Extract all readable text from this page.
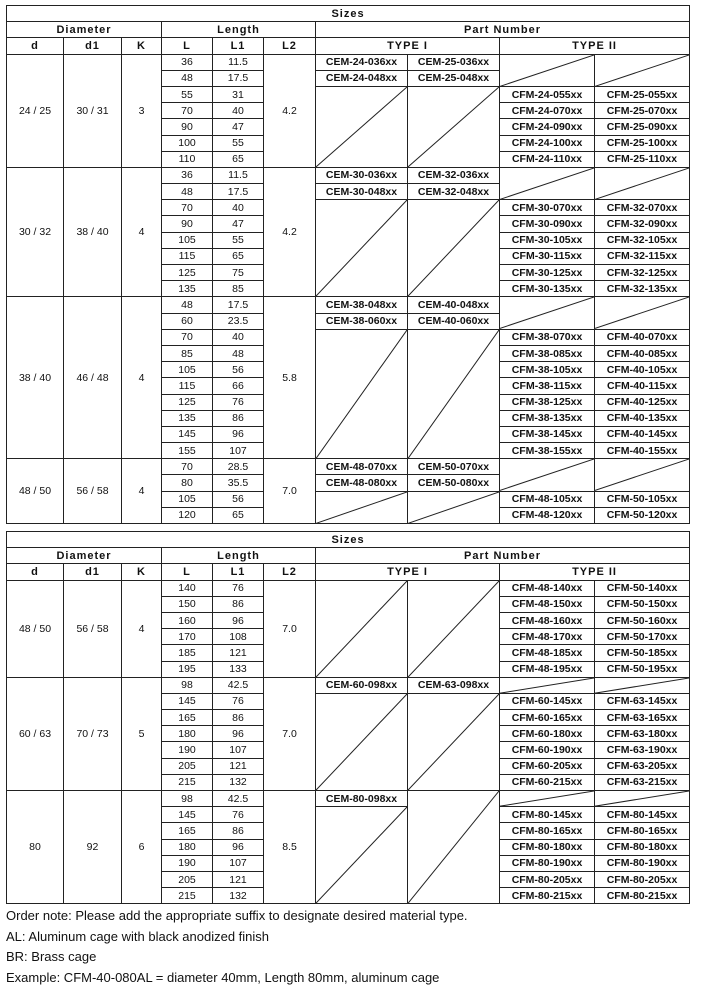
Sizes									
Diameter			Length			Part Number			
d	d1	K	L	L1	L2	TYPE I		TYPE II	
24 / 25	30 / 31	3	36	11.5	4.2	CEM-24-036xx	CEM-25-036xx	

			48	17.5		CEM-24-048xx	CEM-25-048xx		
			55	31				CFM-24-055xx	CFM-25-055xx
			70	40				CFM-24-070xx	CFM-25-070xx
			90	47				CFM-24-090xx	CFM-25-090xx
			100	55				CFM-24-100xx	CFM-25-100xx
			110	65				CFM-24-110xx	CFM-25-110xx
30 / 32	38 / 40	4	36	11.5	4.2	CEM-30-036xx	CEM-32-036xx	

			48	17.5		CEM-30-048xx	CEM-32-048xx		
			70	40				CFM-30-070xx	CFM-32-070xx
			90	47				CFM-30-090xx	CFM-32-090xx
			105	55				CFM-30-105xx	CFM-32-105xx
			115	65				CFM-30-115xx	CFM-32-115xx
			125	75				CFM-30-125xx	CFM-32-125xx
			135	85				CFM-30-135xx	CFM-32-135xx
38 / 40	46 / 48	4	48	17.5	5.8	CEM-38-048xx	CEM-40-048xx	

			60	23.5		CEM-38-060xx	CEM-40-060xx		
			70	40				CFM-38-070xx	CFM-40-070xx
			85	48				CFM-38-085xx	CFM-40-085xx
			105	56				CFM-38-105xx	CFM-40-105xx
			115	66				CFM-38-115xx	CFM-40-115xx
			125	76				CFM-38-125xx	CFM-40-125xx
			135	86				CFM-38-135xx	CFM-40-135xx
			145	96				CFM-38-145xx	CFM-40-145xx
			155	107				CFM-38-155xx	CFM-40-155xx
48 / 50	56 / 58	4	70	28.5	7.0	CEM-48-070xx	CEM-50-070xx	

			80	35.5		CEM-48-080xx	CEM-50-080xx		
			105	56				CFM-48-105xx	CFM-50-105xx
			120	65				CFM-48-120xx	CFM-50-120xx
Sizes									
Diameter			Length			Part Number			
d	d1	K	L	L1	L2	TYPE I		TYPE II	
48 / 50	56 / 58	4	140	76	7.0			CFM-48-140xx	CFM-50-140xx
			150	86				CFM-48-150xx	CFM-50-150xx
			160	96				CFM-48-160xx	CFM-50-160xx
			170	108				CFM-48-170xx	CFM-50-170xx
			185	121				CFM-48-185xx	CFM-50-185xx
			195	133				CFM-48-195xx	CFM-50-195xx
60 / 63	70 / 73	5	98	42.5	7.0	CEM-60-098xx	CEM-63-098xx	

			145	76				CFM-60-145xx	CFM-63-145xx
			165	86				CFM-60-165xx	CFM-63-165xx
			180	96				CFM-60-180xx	CFM-63-180xx
			190	107				CFM-60-190xx	CFM-63-190xx
			205	121				CFM-60-205xx	CFM-63-205xx
			215	132				CFM-60-215xx	CFM-63-215xx
80	92	6	98	42.5	8.5	CEM-80-098xx	

			145	76				CFM-80-145xx	CFM-80-145xx
			165	86				CFM-80-165xx	CFM-80-165xx
			180	96				CFM-80-180xx	CFM-80-180xx
			190	107				CFM-80-190xx	CFM-80-190xx
			205	121				CFM-80-205xx	CFM-80-205xx
			215	132				CFM-80-215xx	CFM-80-215xx
Order note: Please add the appropriate suffix to designate desired material type.
AL: Aluminum cage with black anodized finish
BR: Brass cage
Example: CFM-40-080AL = diameter 40mm, Length 80mm, aluminum cage
